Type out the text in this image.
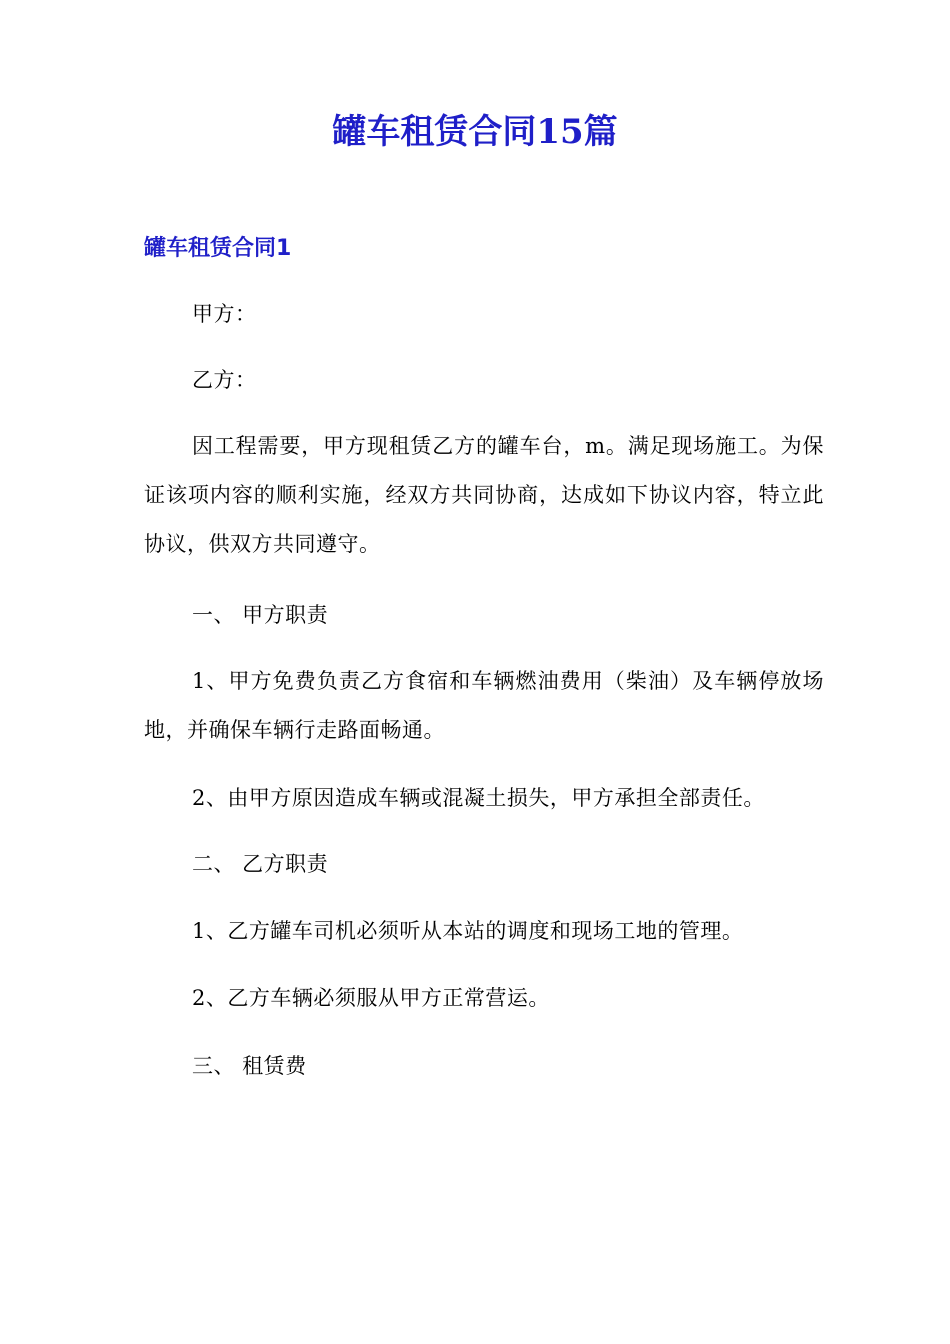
罐车租赁合同15篇
罐车租赁合同1

甲方：

乙方：

因工程需要，甲方现租赁乙方的罐车台，m。满足现场施工。为保证该项内容的顺利实施，经双方共同协商，达成如下协议内容，特立此协议，供双方共同遵守。

一、 甲方职责

1、甲方免费负责乙方食宿和车辆燃油费用（柴油）及车辆停放场地，并确保车辆行走路面畅通。

2、由甲方原因造成车辆或混凝土损失，甲方承担全部责任。

二、 乙方职责

1、乙方罐车司机必须听从本站的调度和现场工地的管理。

2、乙方车辆必须服从甲方正常营运。

三、 租赁费
